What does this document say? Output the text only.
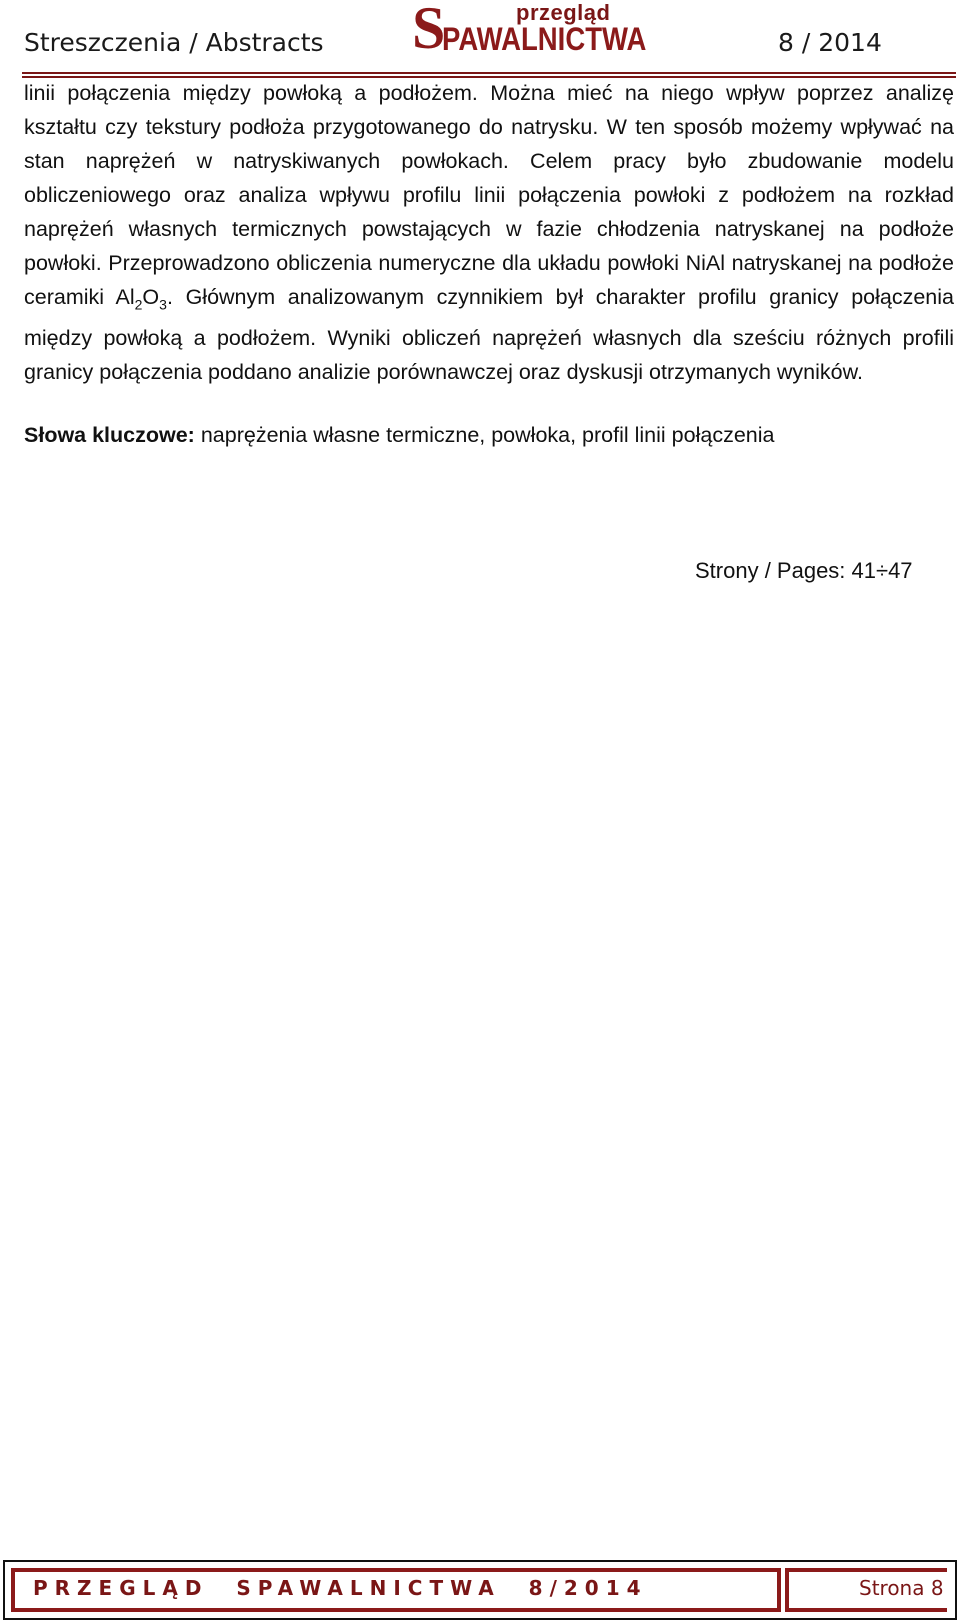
Streszczenia / Abstracts S	przegląd
PAWALNICTWA	8 / 2014

linii połączenia między powłoką a podłożem. Można mieć na niego wpływ poprzez analizę kształtu czy tekstury podłoża przygotowanego do natrysku. W ten sposób możemy wpływać na stan naprężeń w natryskiwanych powłokach. Celem pracy było zbudowanie modelu obliczeniowego oraz analiza wpływu profilu linii połączenia powłoki z podłożem na rozkład naprężeń własnych termicznych powstających w fazie chłodzenia natryskanej na podłoże powłoki. Przeprowadzono obliczenia numeryczne dla układu powłoki NiAl natryskanej na podłoże ceramiki $Al_2O_3$. Głównym analizowanym czynnikiem był charakter profilu granicy połączenia między powłoką a podłożem. Wyniki obliczeń naprężeń własnych dla sześciu różnych profili granicy połączenia poddano analizie porównawczej oraz dyskusji otrzymanych wyników.

Słowa kluczowe: naprężenia własne termiczne, powłoka, profil linii połączenia
Strony / Pages: 41÷47
PRZEGLĄD  SPAWALNICTWA  8/2014	Strona 8
